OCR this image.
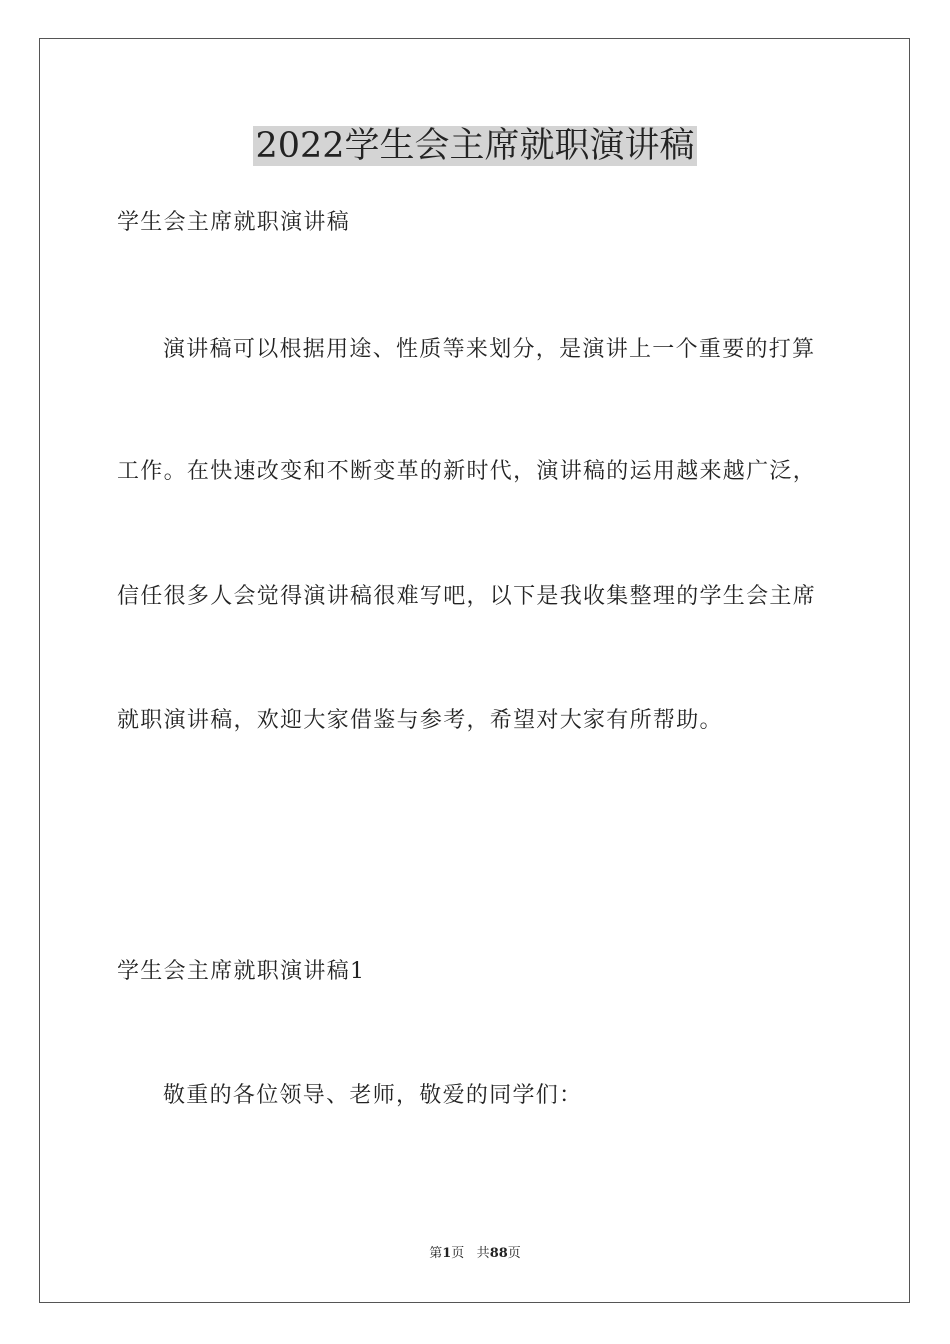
2022学生会主席就职演讲稿
学生会主席就职演讲稿
演讲稿可以根据用途、性质等来划分，是演讲上一个重要的打算
工作。在快速改变和不断变革的新时代，演讲稿的运用越来越广泛，
信任很多人会觉得演讲稿很难写吧，以下是我收集整理的学生会主席
就职演讲稿，欢迎大家借鉴与参考，希望对大家有所帮助。
学生会主席就职演讲稿1
敬重的各位领导、老师，敬爱的同学们：
第1页 共88页
